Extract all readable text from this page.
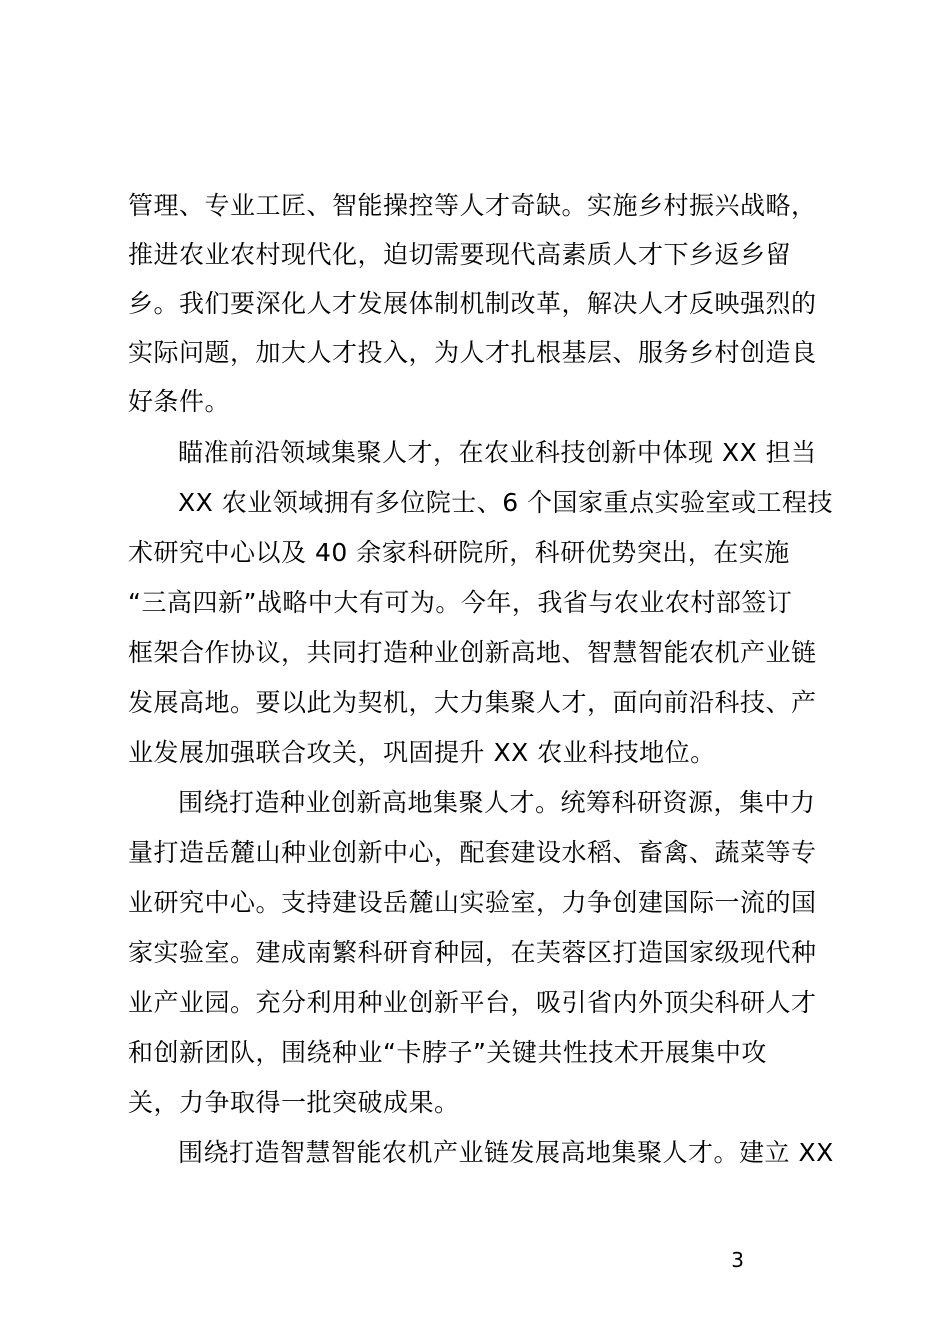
管理、专业工匠、智能操控等人才奇缺。实施乡村振兴战略，
推进农业农村现代化，迫切需要现代高素质人才下乡返乡留
乡。我们要深化人才发展体制机制改革，解决人才反映强烈的
实际问题，加大人才投入，为人才扎根基层、服务乡村创造良
好条件。
瞄准前沿领域集聚人才，在农业科技创新中体现 XX 担当
XX 农业领域拥有多位院士、6 个国家重点实验室或工程技
术研究中心以及 40 余家科研院所，科研优势突出，在实施
“三高四新”战略中大有可为。今年，我省与农业农村部签订
框架合作协议，共同打造种业创新高地、智慧智能农机产业链
发展高地。要以此为契机，大力集聚人才，面向前沿科技、产
业发展加强联合攻关，巩固提升 XX 农业科技地位。
围绕打造种业创新高地集聚人才。统筹科研资源，集中力
量打造岳麓山种业创新中心，配套建设水稻、畜禽、蔬菜等专
业研究中心。支持建设岳麓山实验室，力争创建国际一流的国
家实验室。建成南繁科研育种园，在芙蓉区打造国家级现代种
业产业园。充分利用种业创新平台，吸引省内外顶尖科研人才
和创新团队，围绕种业“卡脖子”关键共性技术开展集中攻
关，力争取得一批突破成果。
围绕打造智慧智能农机产业链发展高地集聚人才。建立 XX
3
